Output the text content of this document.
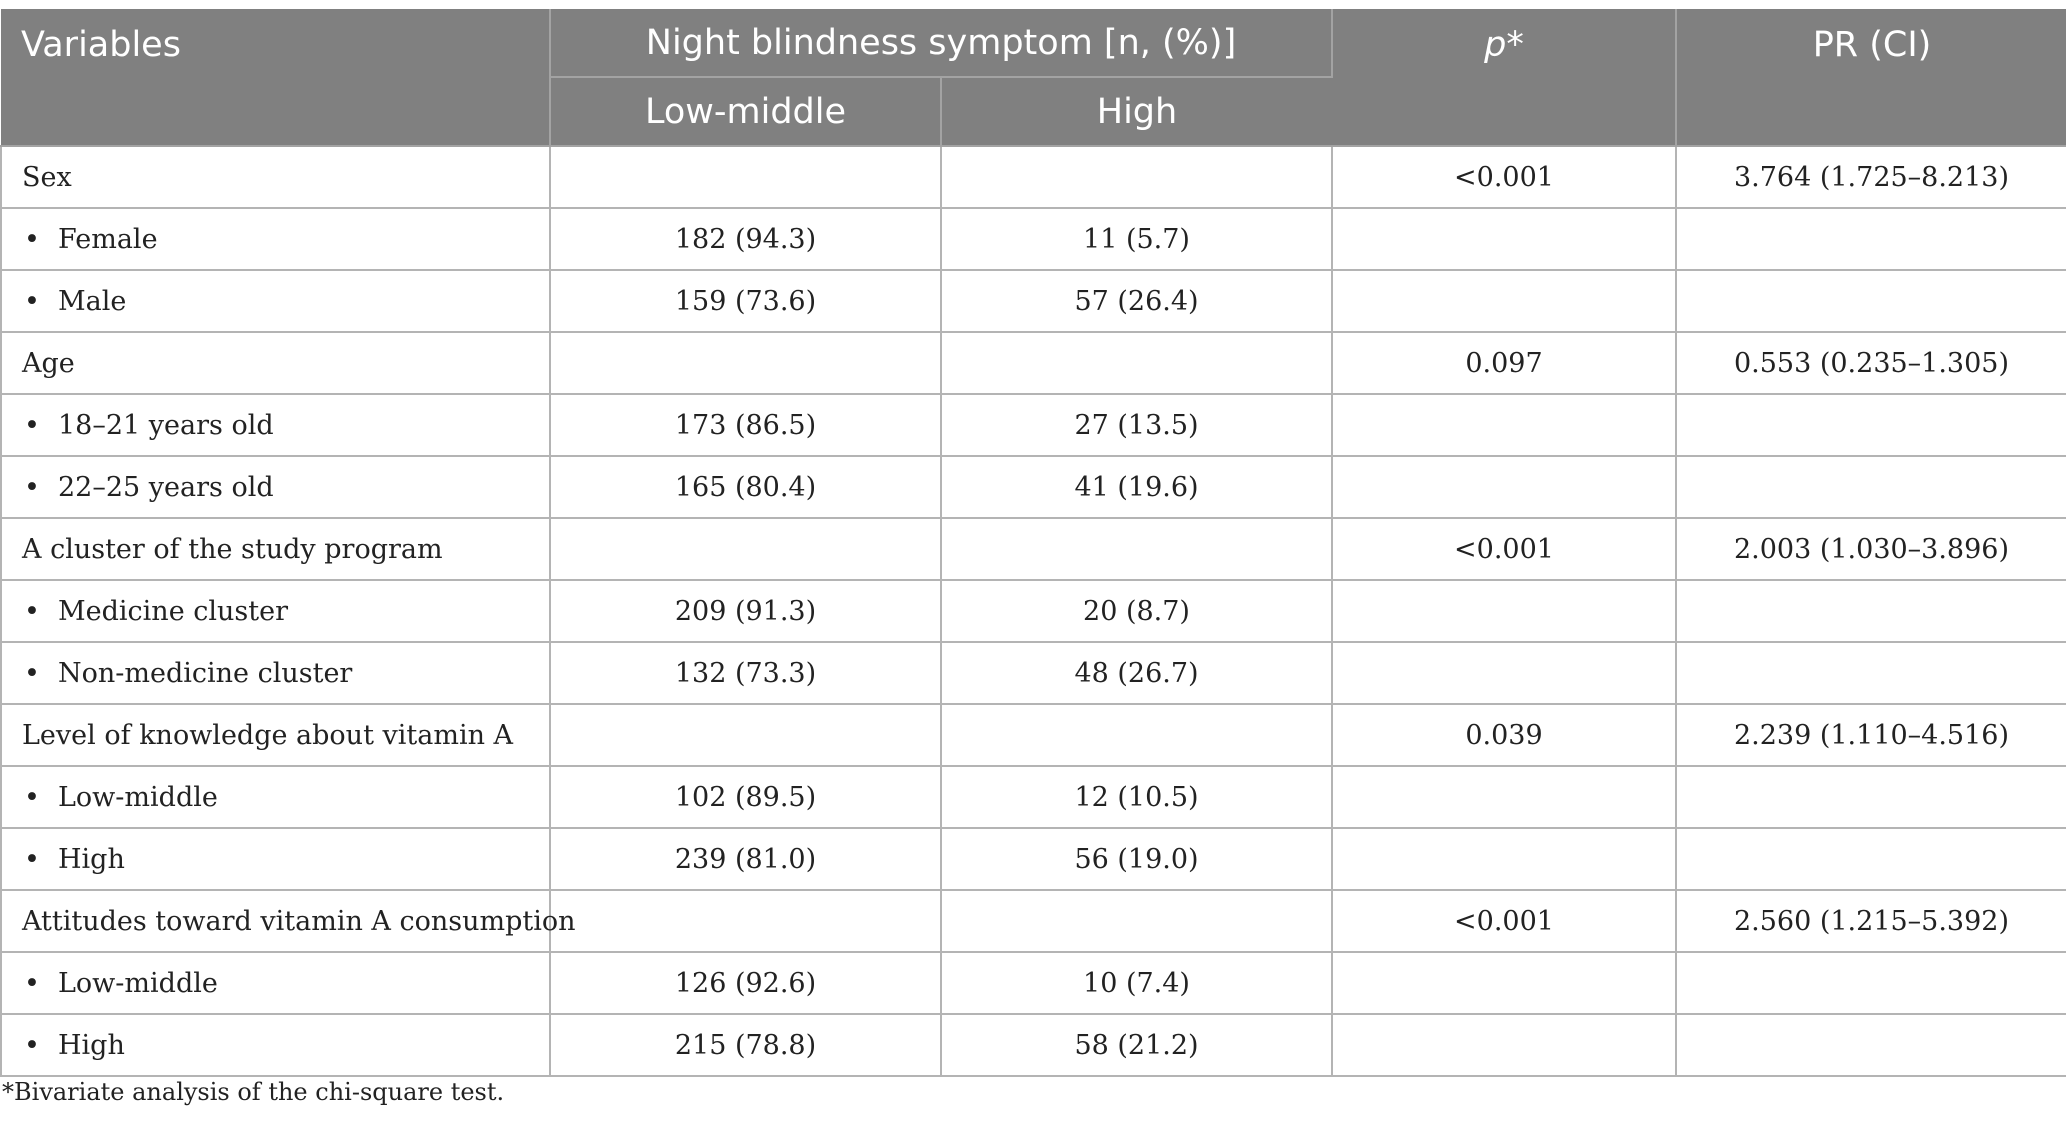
Variables	Night blindness symptom [n, (%)]		p*	PR (CI)
	Low-middle	High		
Sex			<0.001	3.764 (1.725–8.213)
• Female	182 (94.3)	11 (5.7)		
• Male	159 (73.6)	57 (26.4)		
Age			0.097	0.553 (0.235–1.305)
• 18–21 years old	173 (86.5)	27 (13.5)		
• 22–25 years old	165 (80.4)	41 (19.6)		
A cluster of the study program			<0.001	2.003 (1.030–3.896)
• Medicine cluster	209 (91.3)	20 (8.7)		
• Non-medicine cluster	132 (73.3)	48 (26.7)		
Level of knowledge about vitamin A			0.039	2.239 (1.110–4.516)
• Low-middle	102 (89.5)	12 (10.5)		
• High	239 (81.0)	56 (19.0)		
Attitudes toward vitamin A consumption			<0.001	2.560 (1.215–5.392)
• Low-middle	126 (92.6)	10 (7.4)		
• High	215 (78.8)	58 (21.2)		
*Bivariate analysis of the chi-square test.
